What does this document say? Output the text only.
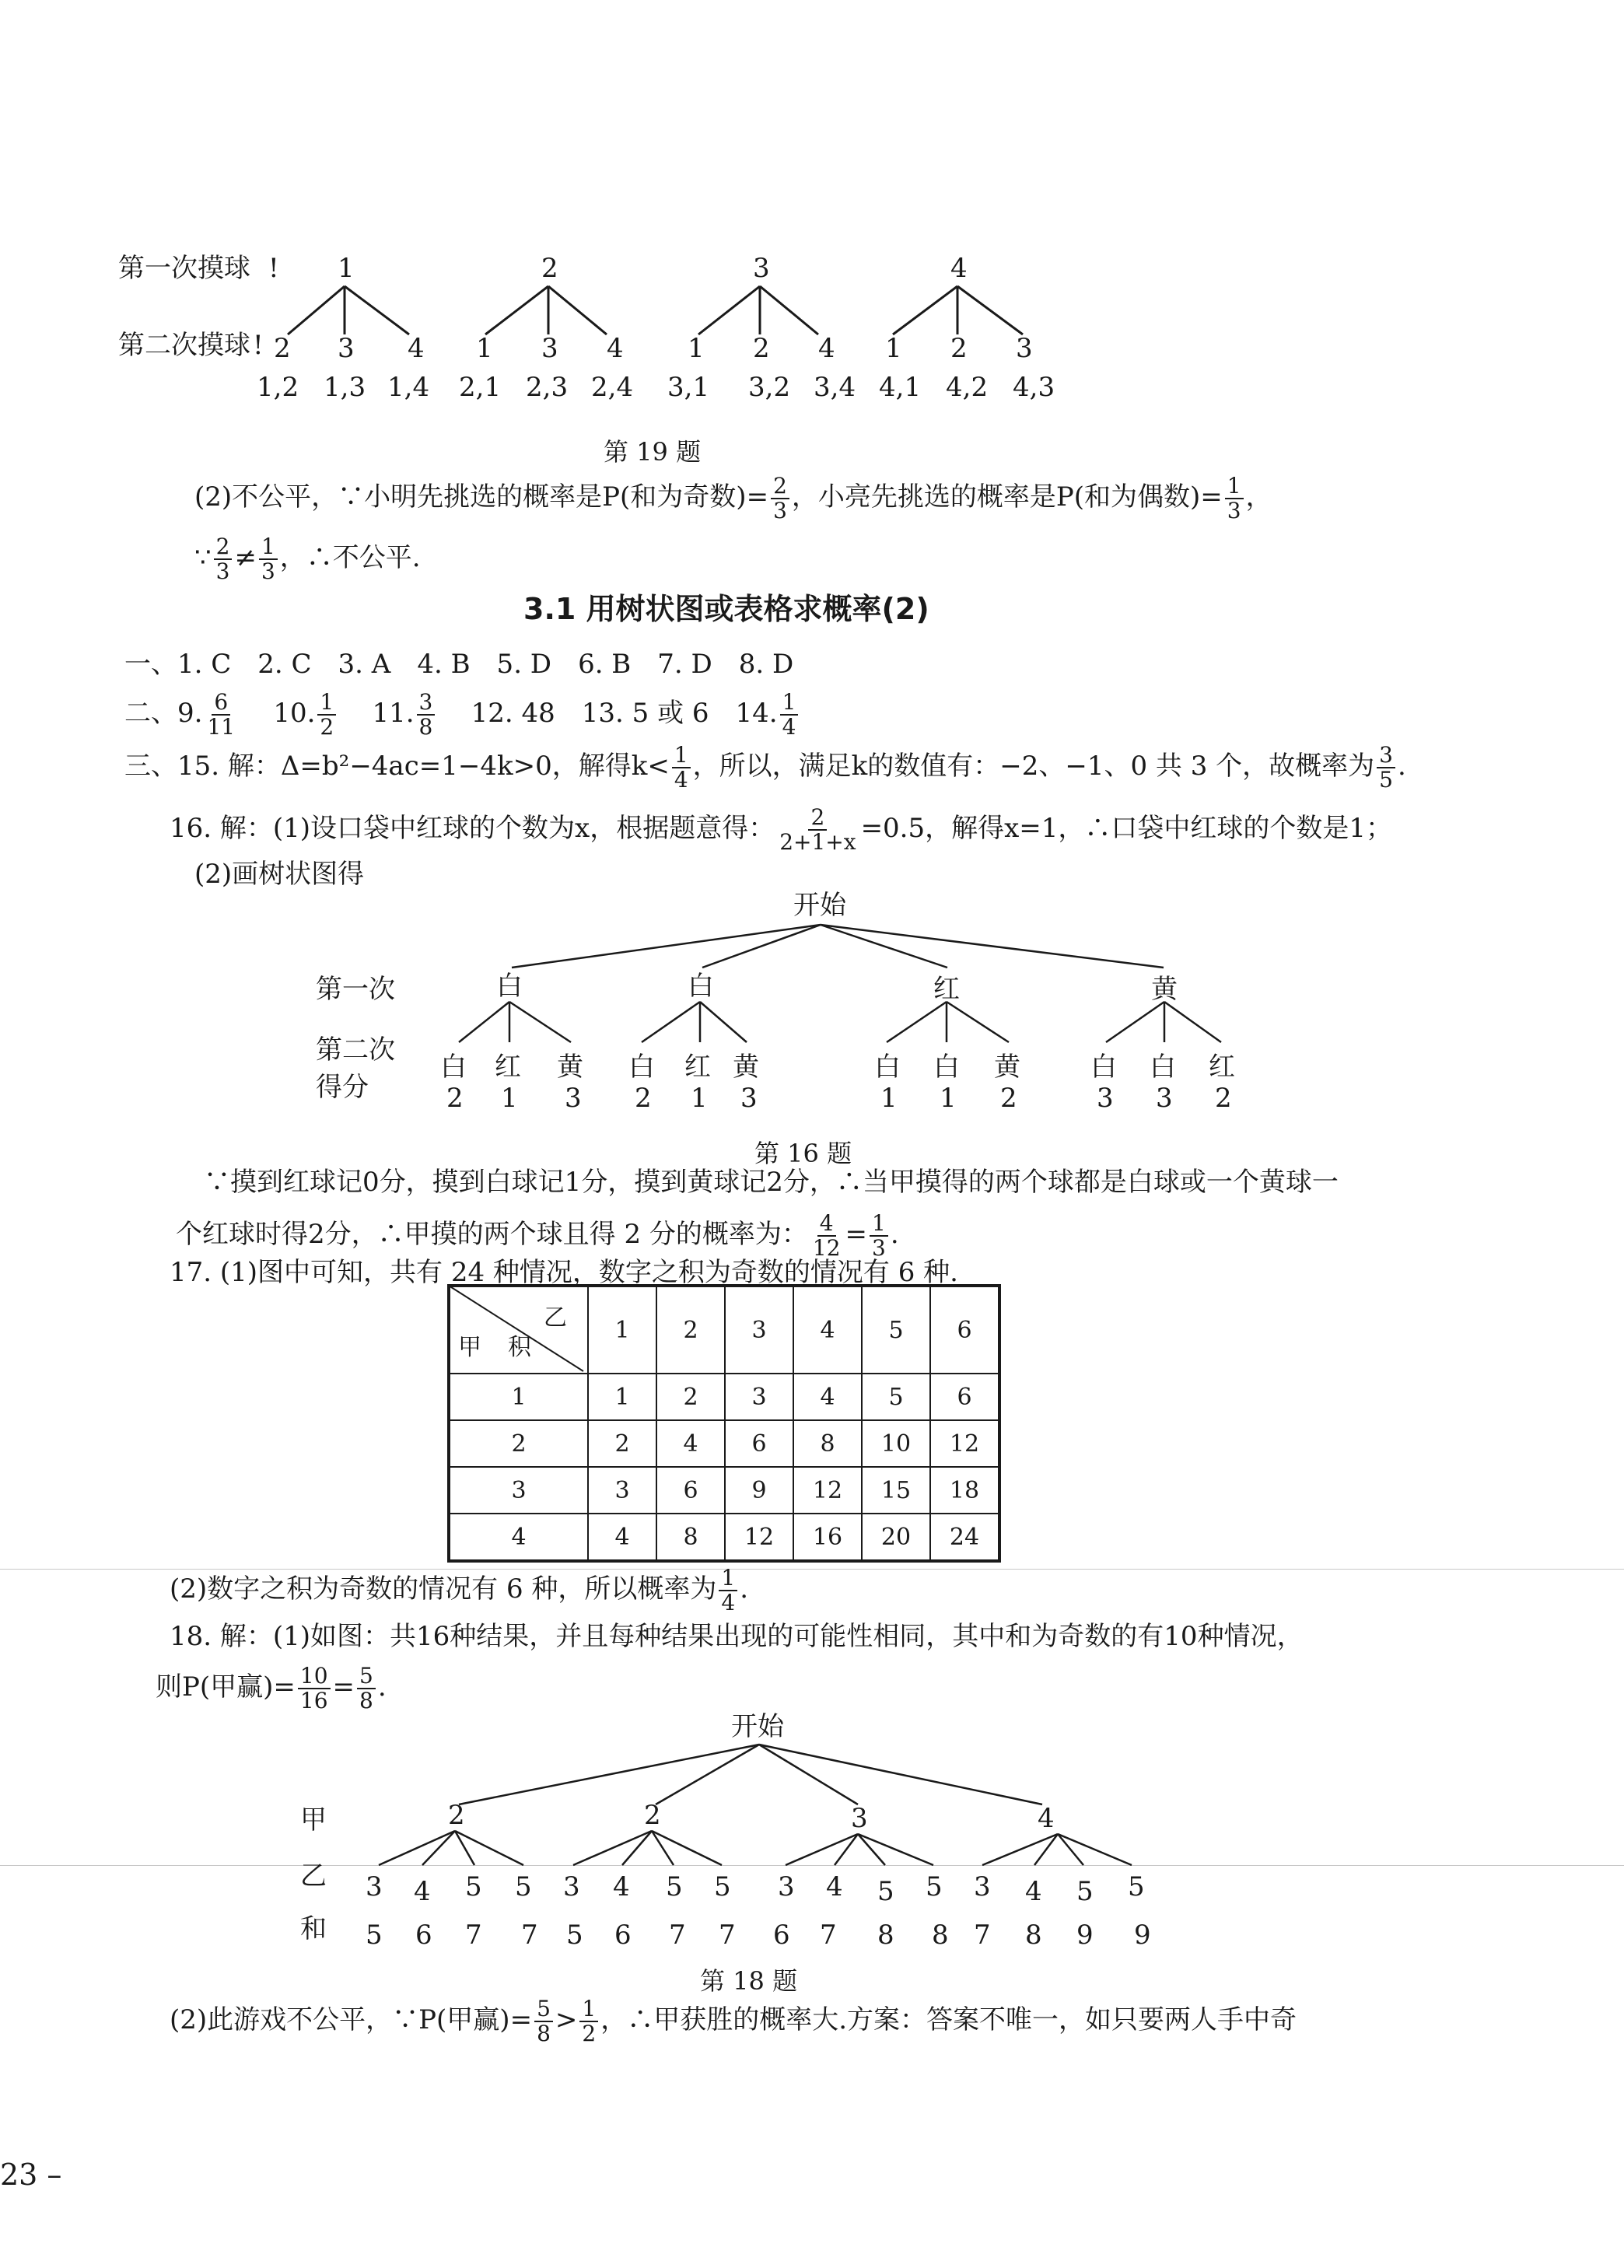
第一次摸球 !
第二次摸球 !
1	2	3	4
2 3 4 1 3 4 1 2 4 1 2 3
1,2 1,3 1,4 2,1 2,3 2,4 3,1 3,2 3,4 4,1 4,2 4,3
第 19 题
(2)不公平，∵小明先挑选的概率是P(和为奇数)= $\frac{2}{3}$ ，小亮先挑选的概率是P(和为偶数)= $\frac{1}{3}$ ，
∵ $\frac{2}{3} \ne \frac{1}{3}$ ，∴不公平.
3.1 用树状图或表格求概率(2)
一、1. C　2. C　3. A　4. B　5. D　6. B　7. D　8. D
二、9. $\frac{6}{11} 10$. $\frac{1}{2} 11$. $\frac{3}{8} 12$. 48　13. 5 或 6　14. $\frac{1}{4}$
三、15. 解：Δ=b²−4ac=1−4k>0，解得$k< \frac{1}{4}$ ，所以，满足k的数值有：−2、−1、0 共 3 个，故概率为 $\frac{3}{5}$ .
16. 解：(1)设口袋中红球的个数为x，根据题意得： $\frac{2}{2+1+x} =0.5$，解得x=1，∴口袋中红球的个数是1；
(2)画树状图得
开始
第一次
第二次
得分
白	白	红	黄
白 红 黄 白 红 黄	白 白 黄	白 白 红
2 1 3 2 1 3	1 1 2	3 3 2
第 16 题
∵摸到红球记0分，摸到白球记1分，摸到黄球记2分，∴当甲摸得的两个球都是白球或一个黄球一
个红球时得2分，∴甲摸的两个球且得 2 分的概率为： $\frac{4}{12} = \frac{1}{3}$ .
17. (1)图中可知，共有 24 种情况，数字之积为奇数的情况有 6 种.
乙
甲 积	1	2	3	4	5	6
1	1	2	3	4	5	6
2	2	4	6	8	10	12
3	3	6	9	12	15	18
4	4	8	12	16	20	24
(2)数字之积为奇数的情况有 6 种，所以概率为 $\frac{1}{4}$ .
18. 解：(1)如图：共16种结果，并且每种结果出现的可能性相同，其中和为奇数的有10种情况，
则P(甲赢)= $\frac{10}{16} = \frac{5}{8}$ .
开始
甲
乙
和
2	2	3	4
3 4 5 5 3 4 5 5 3 4 5 5 3 4 5 5
5 6 7 7 5 6 7 7 6 7 8 8 7 8 9 9
第 18 题
(2)此游戏不公平，∵P(甲赢)= $\frac{5}{8} > \frac{1}{2}$ ，∴甲获胜的概率大.方案：答案不唯一，如只要两人手中奇
23 –
